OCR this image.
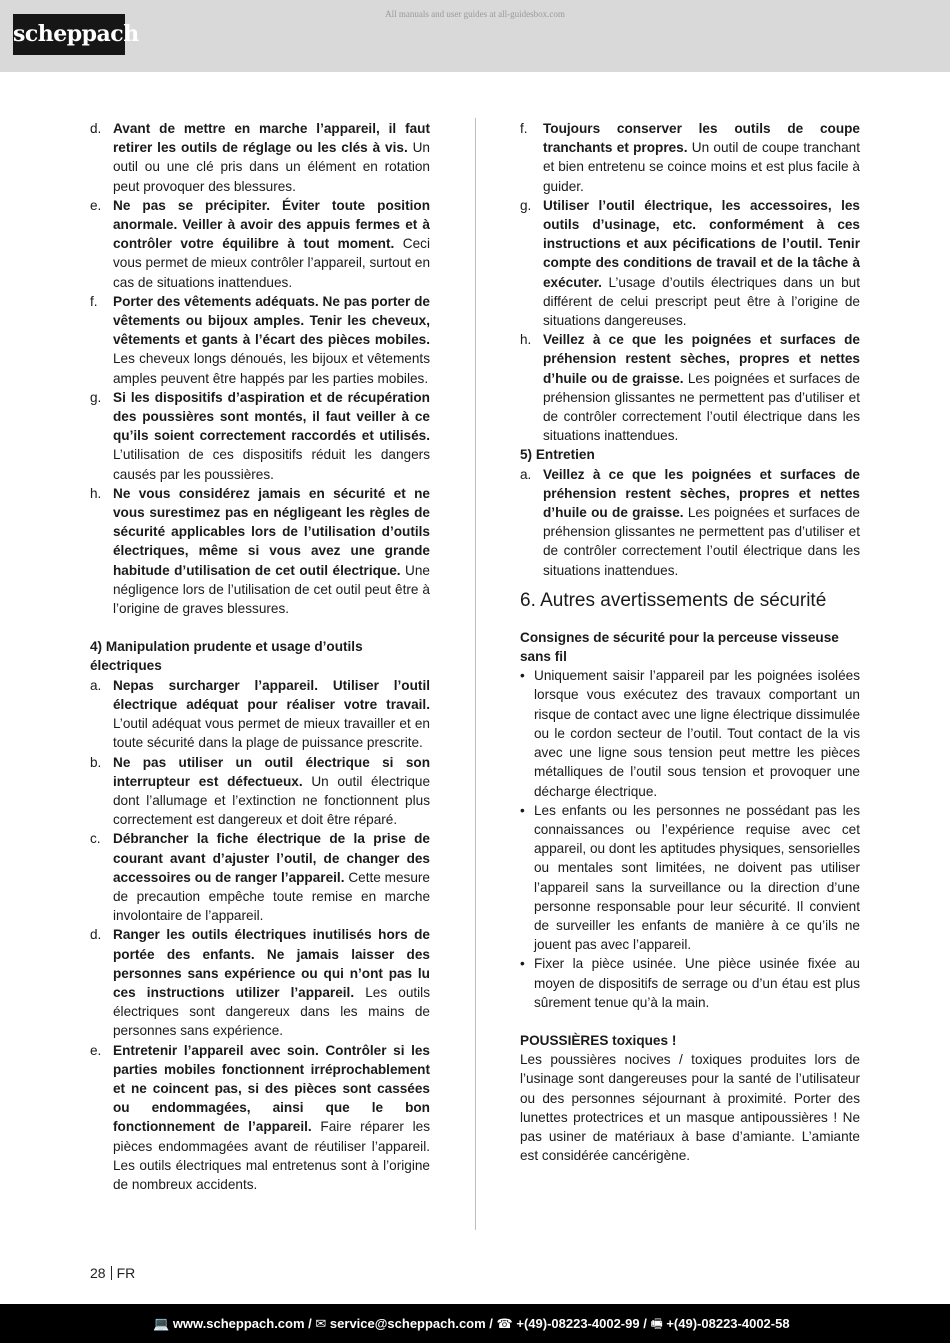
scheppach
All manuals and user guides at all-guidesbox.com
d. Avant de mettre en marche l’appareil, il faut retirer les outils de réglage ou les clés à vis. Un outil ou une clé pris dans un élément en rotation peut provoquer des blessures.
e. Ne pas se précipiter. Éviter toute position anormale. Veiller à avoir des appuis fermes et à contrôler votre équilibre à tout moment. Ceci vous permet de mieux contrôler l’appareil, surtout en cas de situations inattendues.
f.	Porter des vêtements adéquats. Ne pas porter de vêtements ou bijoux amples. Tenir les cheveux, vêtements et gants à l’écart des pièces mobiles. Les cheveux longs dénoués, les bijoux et vêtements amples peuvent être happés par les parties mobiles.
g. Si les dispositifs d’aspiration et de récupération des poussières sont montés, il faut veiller à ce qu’ils soient correctement raccordés et utilisés. L’utilisation de ces dispositifs réduit les dangers causés par les poussières.
h. Ne vous considérez jamais en sécurité et ne vous surestimez pas en négligeant les règles de sécurité applicables lors de l’utilisation d’outils électriques, même si vous avez une grande habitude d’utilisation de cet outil électrique. Une négligence lors de l’utilisation de cet outil peut être à l’origine de graves blessures.
4) Manipulation prudente et usage d’outils électriques
a. Nepas surcharger l’appareil. Utiliser l’outil électrique adéquat pour réaliser votre travail. L’outil adéquat vous permet de mieux travailler et en toute sécurité dans la plage de puissance prescrite.
b. Ne pas utiliser un outil électrique si son interrupteur est défectueux. Un outil électrique dont l’allumage et l’extinction ne fonctionnent plus correctement est dangereux et doit être réparé.
c. Débrancher la fiche électrique de la prise de courant avant d’ajuster l’outil, de changer des accessoires ou de ranger l’appareil. Cette mesure de precaution empêche toute remise en marche involontaire de l’appareil.
d. Ranger les outils électriques inutilisés hors de portée des enfants. Ne jamais laisser des personnes sans expérience ou qui n’ont pas lu ces instructions utilizer l’appareil. Les outils électriques sont dangereux dans les mains de personnes sans expérience.
e. Entretenir l’appareil avec soin. Contrôler si les parties mobiles fonctionnent irréprochablement et ne coincent pas, si des pièces sont cassées ou endommagées, ainsi que le bon fonctionnement de l’appareil. Faire réparer les pièces endommagées avant de réutiliser l’appareil. Les outils électriques mal entretenus sont à l’origine de nombreux accidents.
f.	Toujours conserver les outils de coupe tranchants et propres. Un outil de coupe tranchant et bien entretenu se coince moins et est plus facile à guider.
g. Utiliser l’outil électrique, les accessoires, les outils d’usinage, etc. conformément à ces instructions et aux pécifications de l’outil. Tenir compte des conditions de travail et de la tâche à exécuter. L’usage d’outils électriques dans un but différent de celui prescript peut être à l’origine de situations dangereuses.
h. Veillez à ce que les poignées et surfaces de préhension restent sèches, propres et nettes d’huile ou de graisse. Les poignées et surfaces de préhension glissantes ne permettent pas d’utiliser et de contrôler correctement l’outil électrique dans les situations inattendues.
5) Entretien
a. Veillez à ce que les poignées et surfaces de préhension restent sèches, propres et nettes d’huile ou de graisse. Les poignées et surfaces de préhension glissantes ne permettent pas d’utiliser et de contrôler correctement l’outil électrique dans les situations inattendues.
6. Autres avertissements de sécurité
Consignes de sécurité pour la perceuse visseuse sans fil
• Uniquement saisir l’appareil par les poignées isolées lorsque vous exécutez des travaux comportant un risque de contact avec une ligne électrique dissimulée ou le cordon secteur de l’outil. Tout contact de la vis avec une ligne sous tension peut mettre les pièces métalliques de l’outil sous tension et provoquer une décharge électrique.
• Les enfants ou les personnes ne possédant pas les connaissances ou l’expérience requise avec cet appareil, ou dont les aptitudes physiques, sensorielles ou mentales sont limitées, ne doivent pas utiliser l’appareil sans la surveillance ou la direction d’une personne responsable pour leur sécurité. Il convient de surveiller les enfants de manière à ce qu’ils ne jouent pas avec l’appareil.
• Fixer la pièce usinée. Une pièce usinée fixée au moyen de dispositifs de serrage ou d’un étau est plus sûrement tenue qu’à la main.
POUSSIÈRES toxiques !
Les poussières nocives / toxiques produites lors de l’usinage sont dangereuses pour la santé de l’utilisateur ou des personnes séjournant à proximité. Porter des lunettes protectrices et un masque antipoussières ! Ne pas usiner de matériaux à base d’amiante. L’amiante est considérée cancérigène.
28 FR
💻 www.scheppach.com / ✉ service@scheppach.com / ☎ +(49)-08223-4002-99 / 🖷 +(49)-08223-4002-58
